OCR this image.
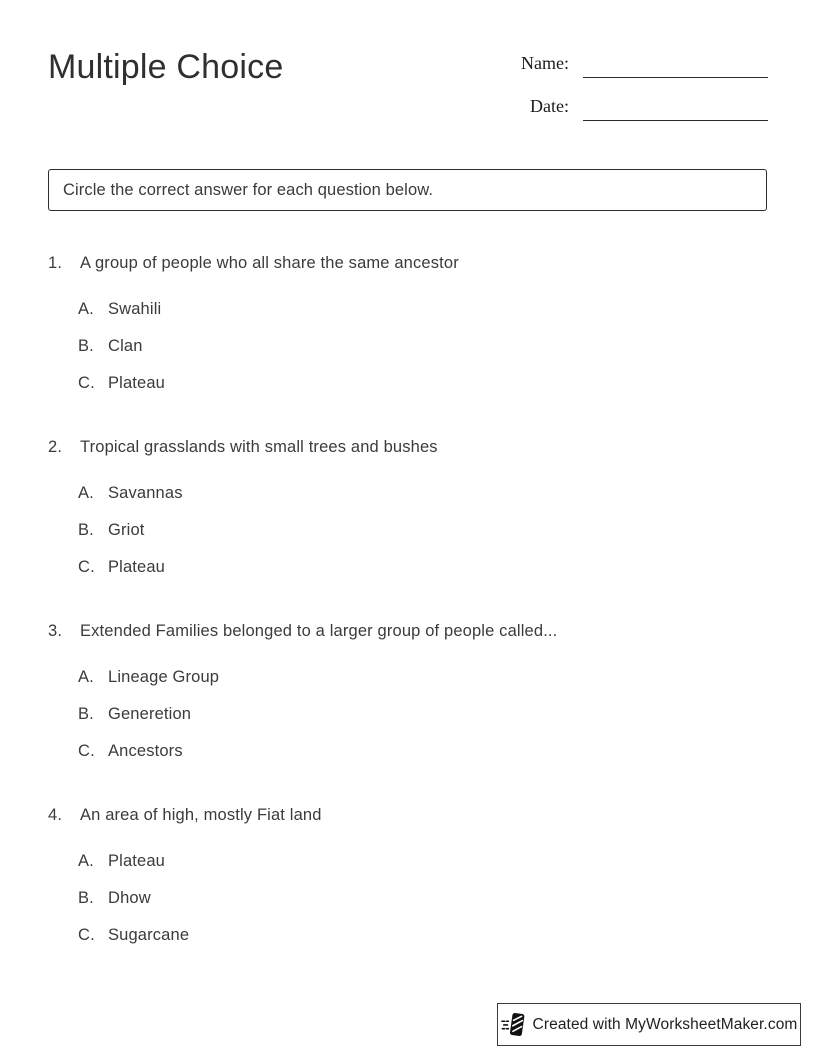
Multiple Choice	Name:
Date:
Circle the correct answer for each question below.
1.	A group of people who all share the same ancestor
A. Swahili
B. Clan
C. Plateau
2.	Tropical grasslands with small trees and bushes
A. Savannas
B. Griot
C. Plateau
3.	Extended Families belonged to a larger group of people called...
A. Lineage Group
B. Generetion
C. Ancestors
4.	An area of high, mostly Fiat land
A. Plateau
B. Dhow
C. Sugarcane
Created with MyWorksheetMaker.com
